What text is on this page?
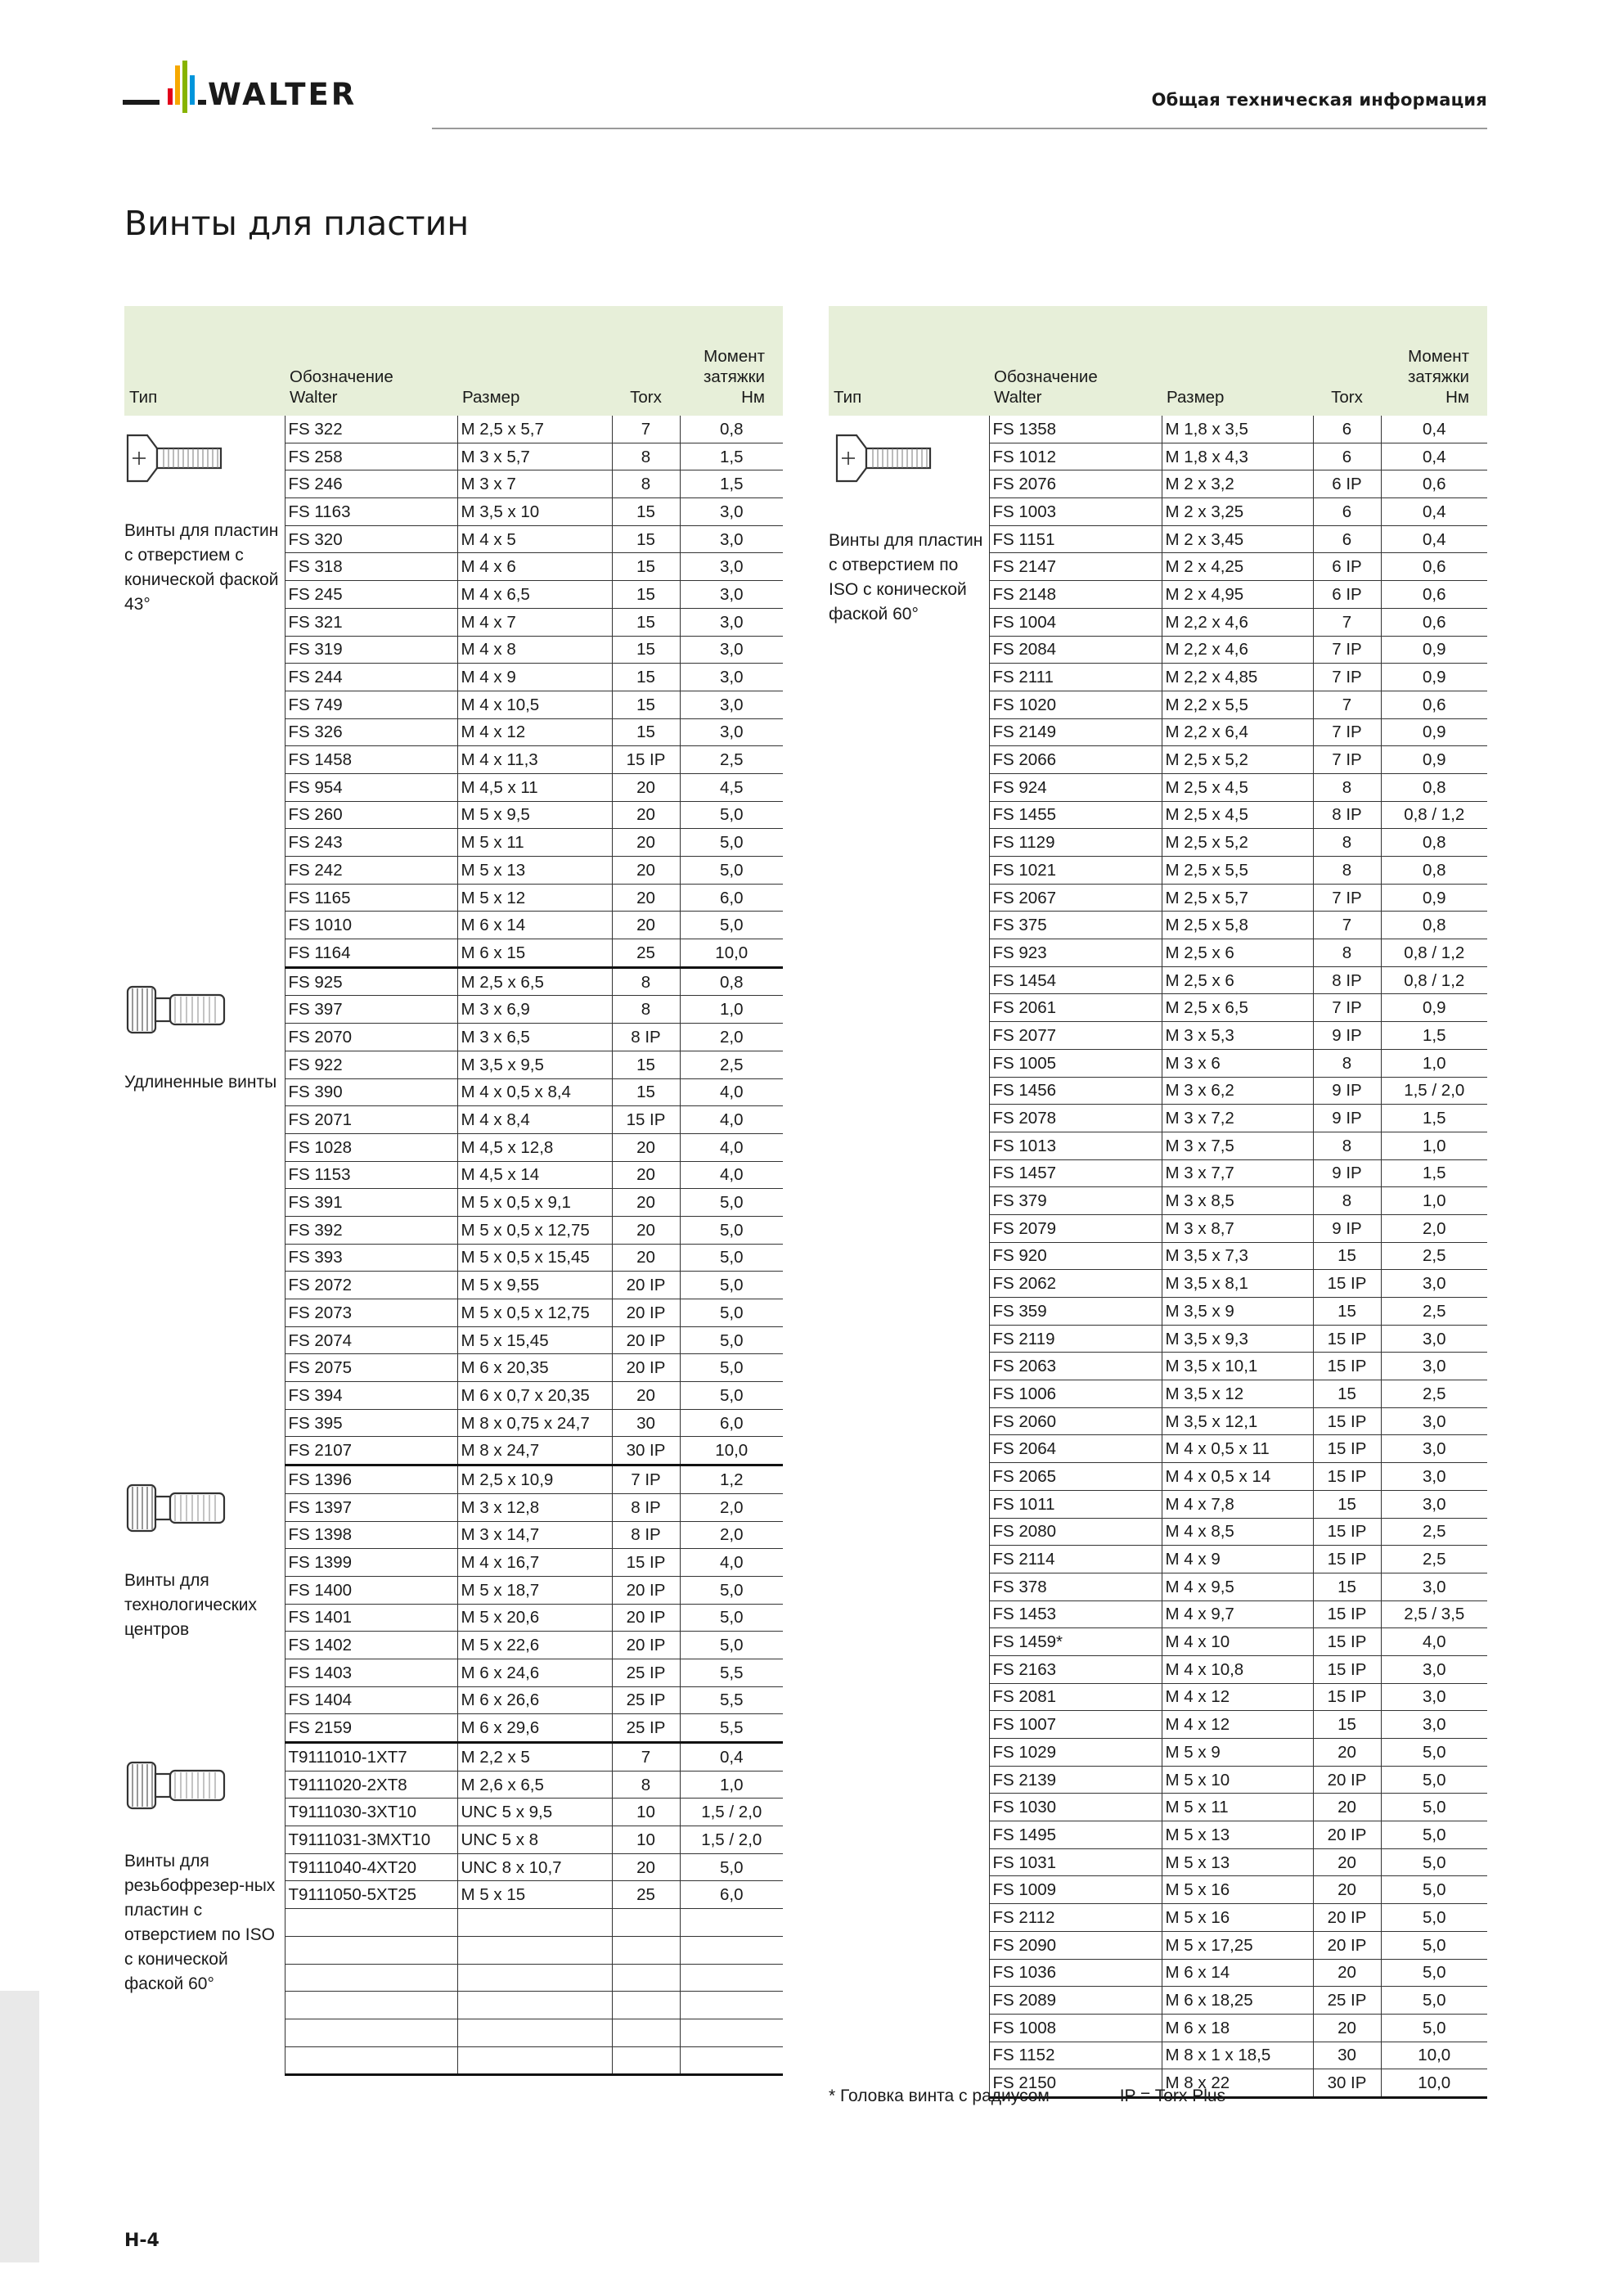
WALTER	Общая техническая информация
Винты для пластин
Тип	Обозначение
Walter	Размер	Torx	Момент
затяжки
Нм

Винты для пластин с отверстием с конической фаской 43°	FS 322	M 2,5 x 5,7	7	0,8
	FS 258	M 3 x 5,7	8	1,5
	FS 246	M 3 x 7	8	1,5
	FS 1163	M 3,5 x 10	15	3,0
	FS 320	M 4 x 5	15	3,0
	FS 318	M 4 x 6	15	3,0
	FS 245	M 4 x 6,5	15	3,0
	FS 321	M 4 x 7	15	3,0
	FS 319	M 4 x 8	15	3,0
	FS 244	M 4 x 9	15	3,0
	FS 749	M 4 x 10,5	15	3,0
	FS 326	M 4 x 12	15	3,0
	FS 1458	M 4 x 11,3	15 IP	2,5
	FS 954	M 4,5 x 11	20	4,5
	FS 260	M 5 x 9,5	20	5,0
	FS 243	M 5 x 11	20	5,0
	FS 242	M 5 x 13	20	5,0
	FS 1165	M 5 x 12	20	6,0
	FS 1010	M 6 x 14	20	5,0
	FS 1164	M 6 x 15	25	10,0

Удлиненные винты	FS 925	M 2,5 x 6,5	8	0,8
	FS 397	M 3 x 6,9	8	1,0
	FS 2070	M 3 x 6,5	8 IP	2,0
	FS 922	M 3,5 x 9,5	15	2,5
	FS 390	M 4 x 0,5 x 8,4	15	4,0
	FS 2071	M 4 x 8,4	15 IP	4,0
	FS 1028	M 4,5 x 12,8	20	4,0
	FS 1153	M 4,5 x 14	20	4,0
	FS 391	M 5 x 0,5 x 9,1	20	5,0
	FS 392	M 5 x 0,5 x 12,75	20	5,0
	FS 393	M 5 x 0,5 x 15,45	20	5,0
	FS 2072	M 5 x 9,55	20 IP	5,0
	FS 2073	M 5 x 0,5 x 12,75	20 IP	5,0
	FS 2074	M 5 x 15,45	20 IP	5,0
	FS 2075	M 6 x 20,35	20 IP	5,0
	FS 394	M 6 x 0,7 x 20,35	20	5,0
	FS 395	M 8 x 0,75 x 24,7	30	6,0
	FS 2107	M 8 x 24,7	30 IP	10,0

Винты для технологических центров	FS 1396	M 2,5 x 10,9	7 IP	1,2
	FS 1397	M 3 x 12,8	8 IP	2,0
	FS 1398	M 3 x 14,7	8 IP	2,0
	FS 1399	M 4 x 16,7	15 IP	4,0
	FS 1400	M 5 x 18,7	20 IP	5,0
	FS 1401	M 5 x 20,6	20 IP	5,0
	FS 1402	M 5 x 22,6	20 IP	5,0
	FS 1403	M 6 x 24,6	25 IP	5,5
	FS 1404	M 6 x 26,6	25 IP	5,5
	FS 2159	M 6 x 29,6	25 IP	5,5

Винты для резьбофрезер-ных пластин с отверстием по ISO с конической фаской 60°	T9111010-1XT7	M 2,2 x 5	7	0,4
	T9111020-2XT8	M 2,6 x 6,5	8	1,0
	T9111030-3XT10	UNC 5 x 9,5	10	1,5 / 2,0
	T9111031-3MXT10	UNC 5 x 8	10	1,5 / 2,0
	T9111040-4XT20	UNC 8 x 10,7	20	5,0
	T9111050-5XT25	M 5 x 15	25	6,0

Тип	Обозначение
Walter	Размер	Torx	Момент
затяжки
Нм

Винты для пластин с отверстием по ISO с конической фаской 60°	FS 1358	M 1,8 x 3,5	6	0,4
	FS 1012	M 1,8 x 4,3	6	0,4
	FS 2076	M 2 x 3,2	6 IP	0,6
	FS 1003	M 2 x 3,25	6	0,4
	FS 1151	M 2 x 3,45	6	0,4
	FS 2147	M 2 x 4,25	6 IP	0,6
	FS 2148	M 2 x 4,95	6 IP	0,6
	FS 1004	M 2,2 x 4,6	7	0,6
	FS 2084	M 2,2 x 4,6	7 IP	0,9
	FS 2111	M 2,2 x 4,85	7 IP	0,9
	FS 1020	M 2,2 x 5,5	7	0,6
	FS 2149	M 2,2 x 6,4	7 IP	0,9
	FS 2066	M 2,5 x 5,2	7 IP	0,9
	FS 924	M 2,5 x 4,5	8	0,8
	FS 1455	M 2,5 x 4,5	8 IP	0,8 / 1,2
	FS 1129	M 2,5 x 5,2	8	0,8
	FS 1021	M 2,5 x 5,5	8	0,8
	FS 2067	M 2,5 x 5,7	7 IP	0,9
	FS 375	M 2,5 x 5,8	7	0,8
	FS 923	M 2,5 x 6	8	0,8 / 1,2
	FS 1454	M 2,5 x 6	8 IP	0,8 / 1,2
	FS 2061	M 2,5 x 6,5	7 IP	0,9
	FS 2077	M 3 x 5,3	9 IP	1,5
	FS 1005	M 3 x 6	8	1,0
	FS 1456	M 3 x 6,2	9 IP	1,5 / 2,0
	FS 2078	M 3 x 7,2	9 IP	1,5
	FS 1013	M 3 x 7,5	8	1,0
	FS 1457	M 3 x 7,7	9 IP	1,5
	FS 379	M 3 x 8,5	8	1,0
	FS 2079	M 3 x 8,7	9 IP	2,0
	FS 920	M 3,5 x 7,3	15	2,5
	FS 2062	M 3,5 x 8,1	15 IP	3,0
	FS 359	M 3,5 x 9	15	2,5
	FS 2119	M 3,5 x 9,3	15 IP	3,0
	FS 2063	M 3,5 x 10,1	15 IP	3,0
	FS 1006	M 3,5 x 12	15	2,5
	FS 2060	M 3,5 x 12,1	15 IP	3,0
	FS 2064	M 4 x 0,5 x 11	15 IP	3,0
	FS 2065	M 4 x 0,5 x 14	15 IP	3,0
	FS 1011	M 4 x 7,8	15	3,0
	FS 2080	M 4 x 8,5	15 IP	2,5
	FS 2114	M 4 x 9	15 IP	2,5
	FS 378	M 4 x 9,5	15	3,0
	FS 1453	M 4 x 9,7	15 IP	2,5 / 3,5
	FS 1459*	M 4 x 10	15 IP	4,0
	FS 2163	M 4 x 10,8	15 IP	3,0
	FS 2081	M 4 x 12	15 IP	3,0
	FS 1007	M 4 x 12	15	3,0
	FS 1029	M 5 x 9	20	5,0
	FS 2139	M 5 x 10	20 IP	5,0
	FS 1030	M 5 x 11	20	5,0
	FS 1495	M 5 x 13	20 IP	5,0
	FS 1031	M 5 x 13	20	5,0
	FS 1009	M 5 x 16	20	5,0
	FS 2112	M 5 x 16	20 IP	5,0
	FS 2090	M 5 x 17,25	20 IP	5,0
	FS 1036	M 6 x 14	20	5,0
	FS 2089	M 6 x 18,25	25 IP	5,0
	FS 1008	M 6 x 18	20	5,0
	FS 1152	M 8 x 1 x 18,5	30	10,0
	FS 2150	M 8 x 22	30 IP	10,0
* Головка винта с радиусом	IP = Torx Plus
H-4
